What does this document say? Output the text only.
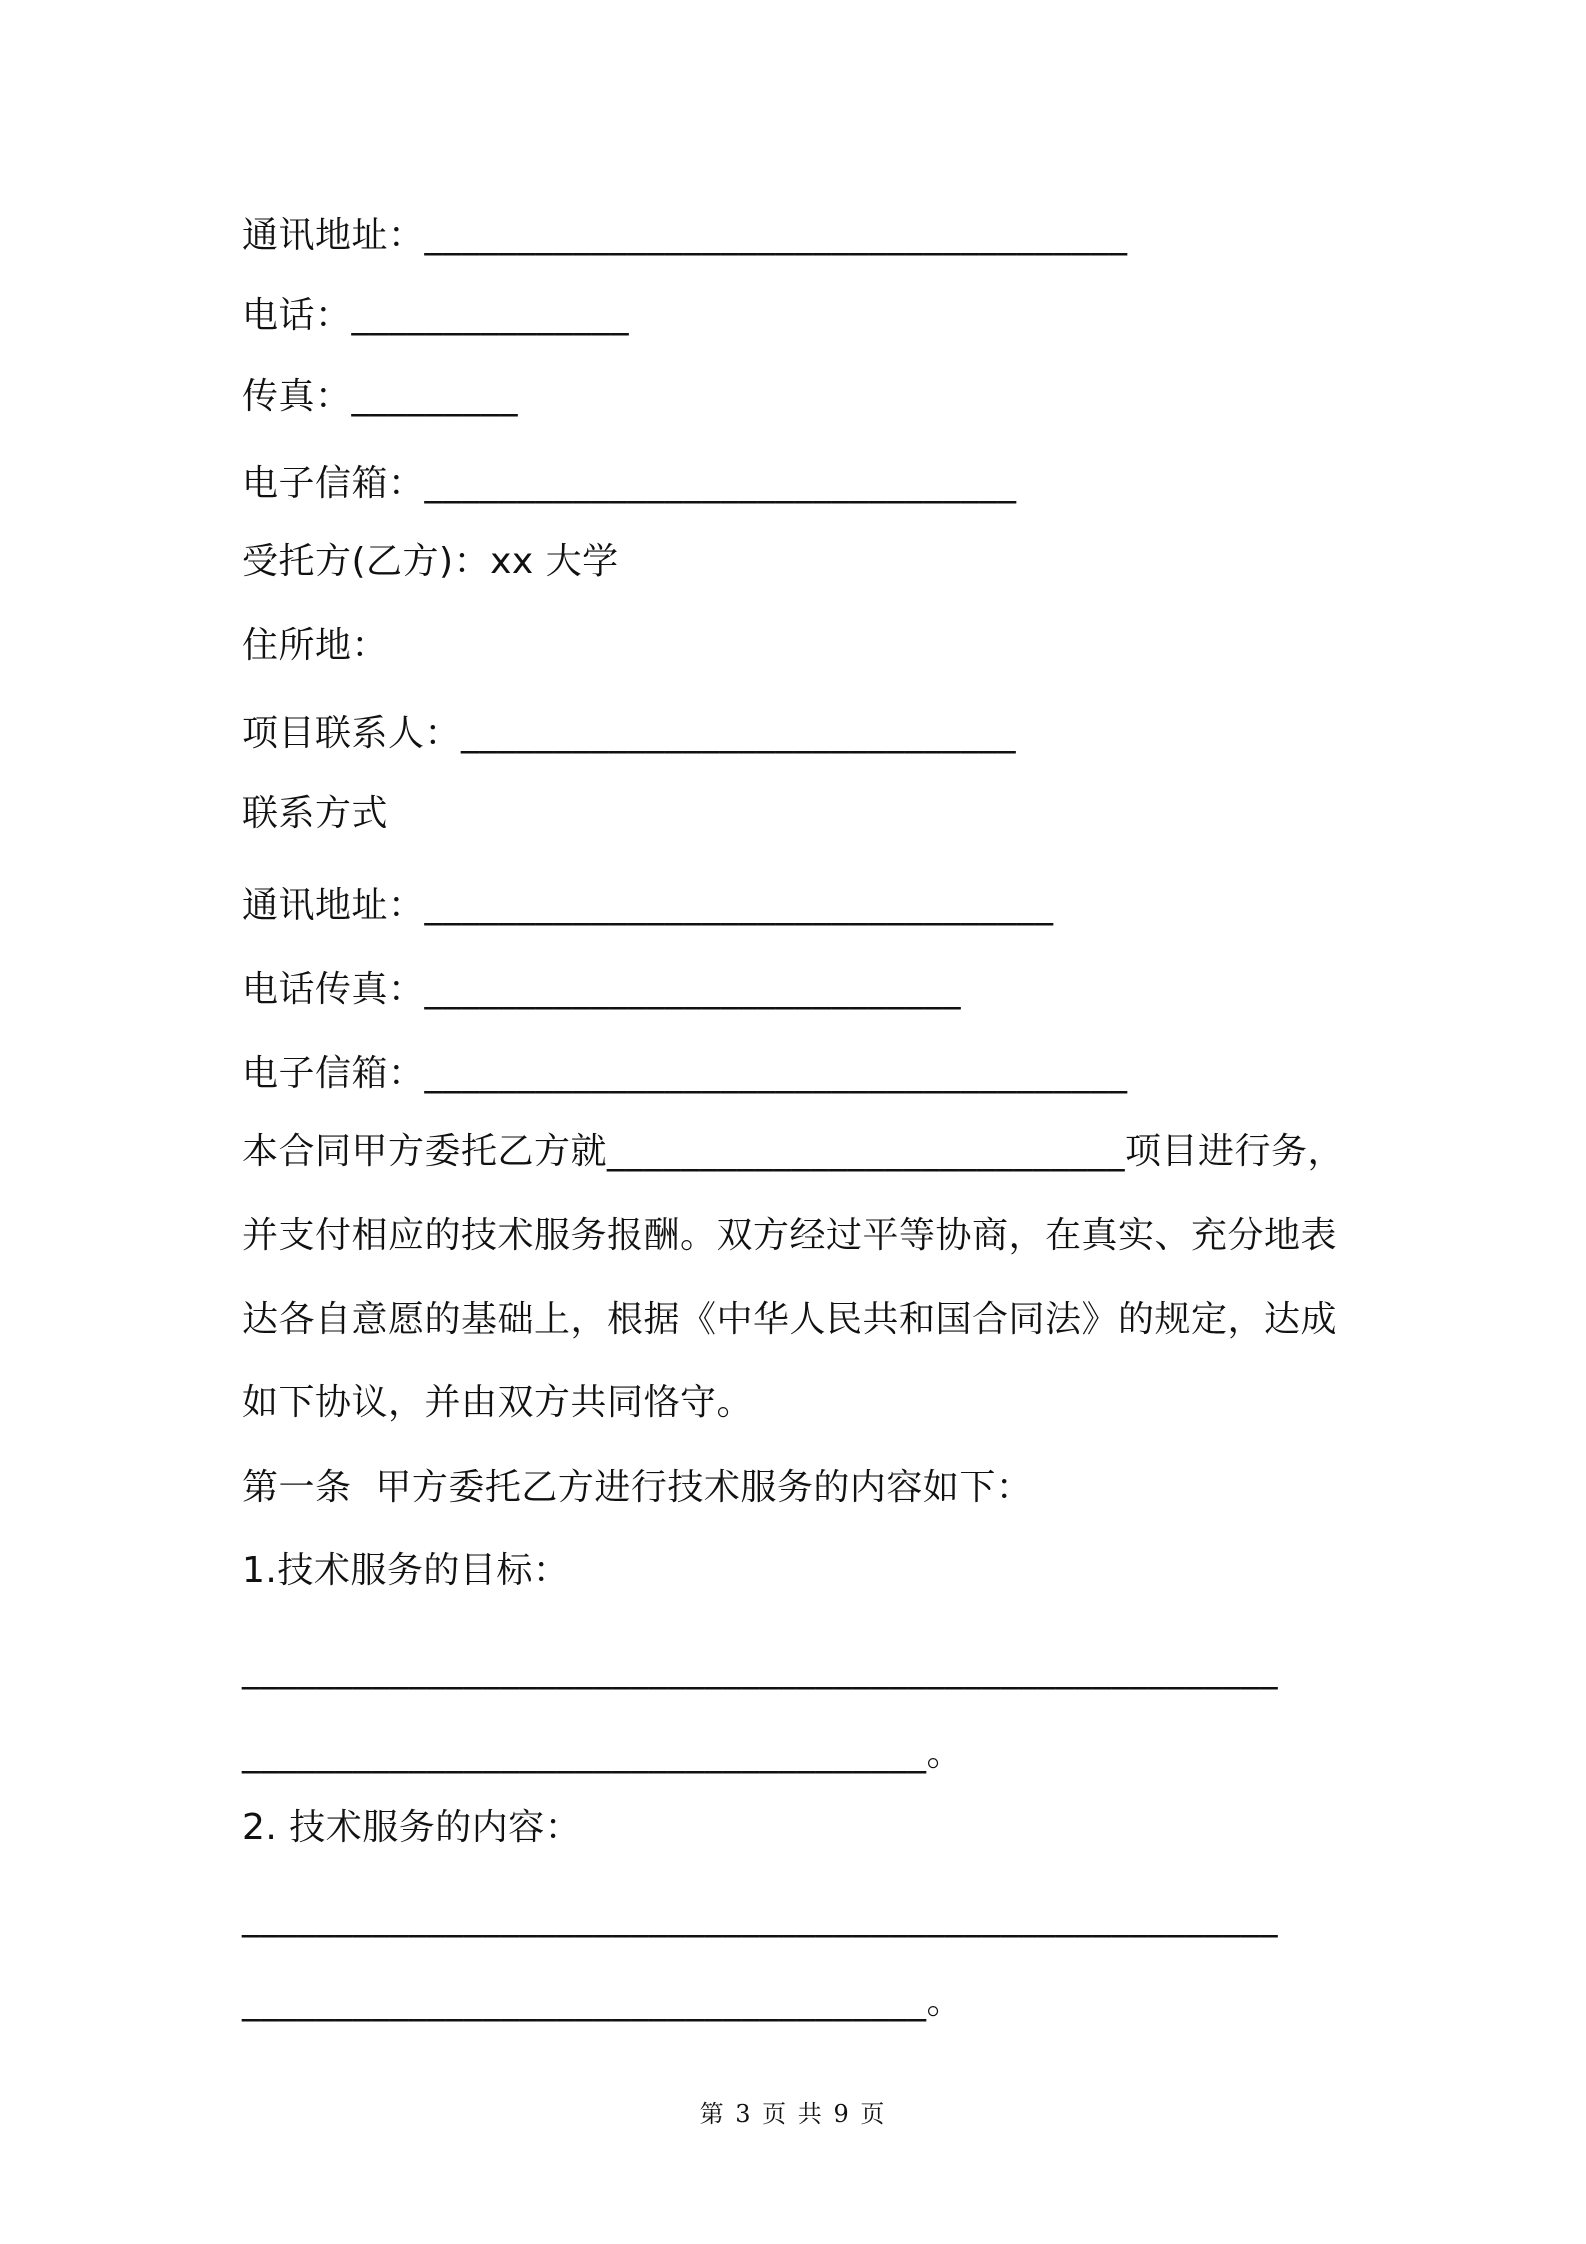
通讯地址：______________________________________
电话：_______________
传真：_________
电子信箱：________________________________
受托方(乙方)：xx 大学
住所地：
项目联系人：______________________________
联系方式
通讯地址：__________________________________
电话传真：_____________________________
电子信箱：______________________________________
本合同甲方委托乙方就____________________________项目进行务，
并支付相应的技术服务报酬。双方经过平等协商，在真实、充分地表
达各自意愿的基础上，根据《中华人民共和国合同法》的规定，达成
如下协议，并由双方共同恪守。
第一条  甲方委托乙方进行技术服务的内容如下：
1.技术服务的目标：
________________________________________________________
_____________________________________。
2. 技术服务的内容：
________________________________________________________
_____________________________________。
第 3 页 共 9 页
